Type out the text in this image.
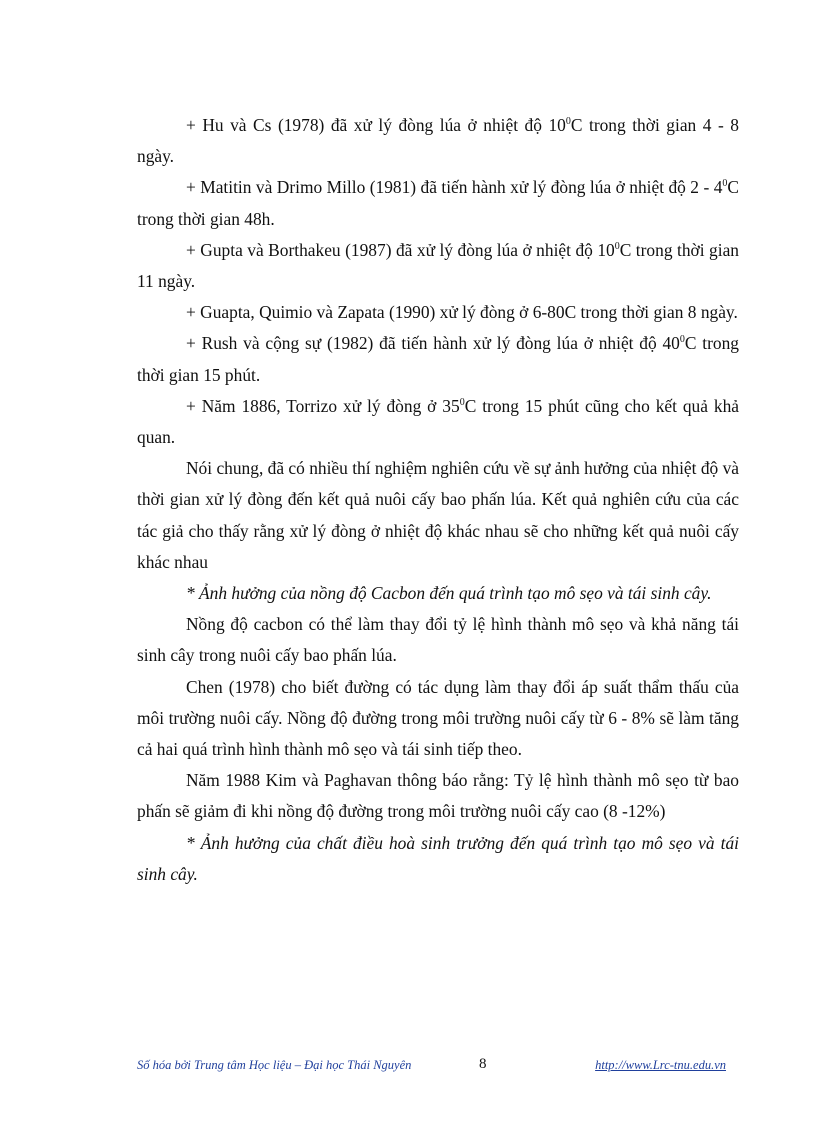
+ Hu và Cs (1978) đã xử lý đòng lúa ở nhiệt độ $10^0C$ trong thời gian 4 - 8 ngày.

+ Matitin và Drimo Millo (1981) đã tiến hành xử lý đòng lúa ở nhiệt độ $2 - 4^0C$ trong thời gian 48h.

+ Gupta và Borthakeu (1987) đã xử lý đòng lúa ở nhiệt độ $10^0C$ trong thời gian 11 ngày.

+ Guapta, Quimio và Zapata (1990) xử lý đòng ở 6-80C trong thời gian 8 ngày.

+ Rush và cộng sự (1982) đã tiến hành xử lý đòng lúa ở nhiệt độ $40^0C$ trong thời gian 15 phút.

+ Năm 1886, Torrizo xử lý đòng ở $35^0C$ trong 15 phút cũng cho kết quả khả quan.

Nói chung, đã có nhiều thí nghiệm nghiên cứu về sự ảnh hưởng của nhiệt độ và thời gian xử lý đòng đến kết quả nuôi cấy bao phấn lúa. Kết quả nghiên cứu của các tác giả cho thấy rằng xử lý đòng ở nhiệt độ khác nhau sẽ cho những kết quả nuôi cấy khác nhau

* Ảnh hưởng của nồng độ Cacbon đến quá trình tạo mô sẹo và tái sinh cây.

Nồng độ cacbon có thể làm thay đổi tỷ lệ hình thành mô sẹo và khả năng tái sinh cây trong nuôi cấy bao phấn lúa.

Chen (1978) cho biết đường có tác dụng làm thay đổi áp suất thẩm thấu của môi trường nuôi cấy. Nồng độ đường trong môi trường nuôi cấy từ 6 - 8% sẽ làm tăng cả hai quá trình hình thành mô sẹo và tái sinh tiếp theo.

Năm 1988 Kim và Paghavan thông báo rằng: Tỷ lệ hình thành mô sẹo từ bao phấn sẽ giảm đi khi nồng độ đường trong môi trường nuôi cấy cao (8 -12%)

* Ảnh hưởng của chất điều hoà sinh trưởng đến quá trình tạo mô sẹo và tái sinh cây.

Số hóa bởi Trung tâm Học liệu – Đại học Thái Nguyên	8	http://www.Lrc-tnu.edu.vn
